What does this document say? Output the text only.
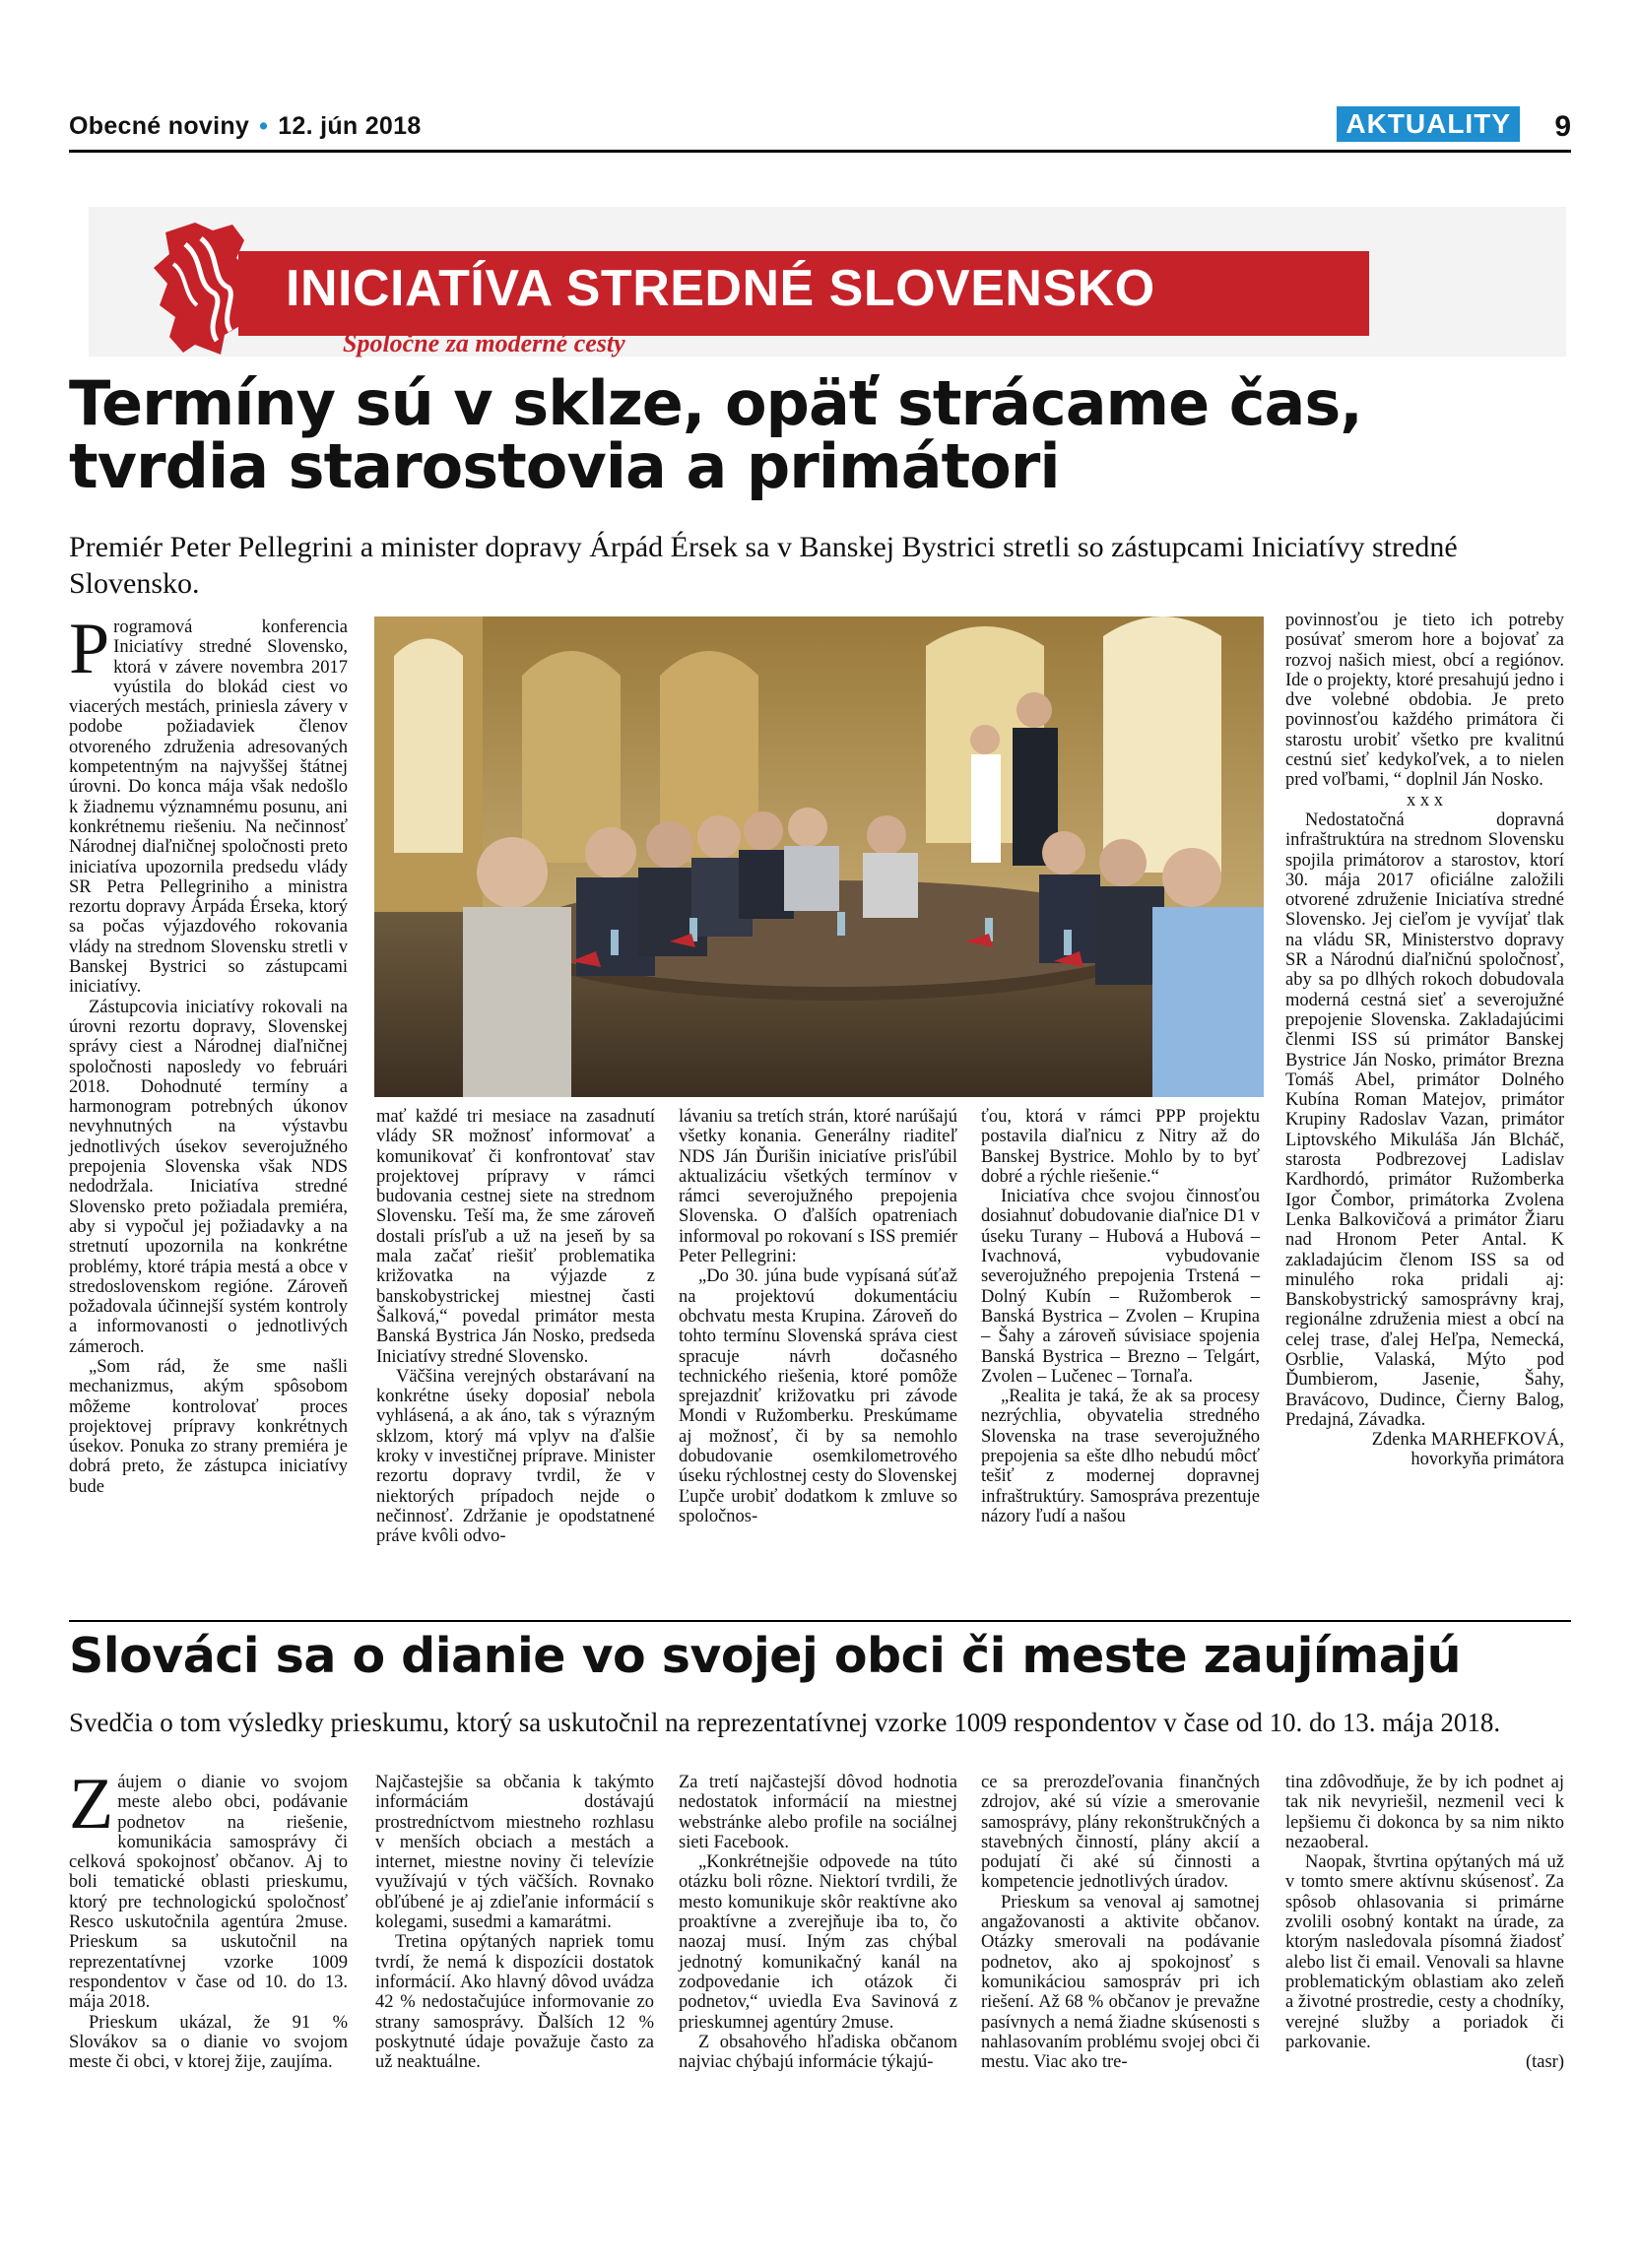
Obecné noviny • 12. jún 2018	AKTUALITY	9
INICIATÍVA STREDNÉ SLOVENSKO
Spoločne za moderné cesty
Termíny sú v sklze, opäť strácame čas,
tvrdia starostovia a primátori
Premiér Peter Pellegrini a minister dopravy Árpád Érsek sa v Banskej Bystrici stretli so zástupcami Iniciatívy stredné Slovensko.

Programová konferencia Iniciatívy stredné Slovensko, ktorá v závere novembra 2017 vyústila do blokád ciest vo viacerých mestách, priniesla závery v podobe požiadaviek členov otvoreného združenia adresovaných kompetentným na najvyššej štátnej úrovni. Do konca mája však nedošlo k žiadnemu významnému posunu, ani konkrétnemu riešeniu. Na nečinnosť Národnej diaľničnej spoločnosti preto iniciatíva upozornila predsedu vlády SR Petra Pellegriniho a ministra rezortu dopravy Árpáda Érseka, ktorý sa počas výjazdového rokovania vlády na strednom Slovensku stretli v Banskej Bystrici so zástupcami iniciatívy.

Zástupcovia iniciatívy rokovali na úrovni rezortu dopravy, Slovenskej správy ciest a Národnej diaľničnej spoločnosti naposledy vo februári 2018. Dohodnuté termíny a harmonogram potrebných úkonov nevyhnutných na výstavbu jednotlivých úsekov severojužného prepojenia Slovenska však NDS nedodržala. Iniciatíva stredné Slovensko preto požiadala premiéra, aby si vypočul jej požiadavky a na stretnutí upozornila na konkrétne problémy, ktoré trápia mestá a obce v stredoslovenskom regióne. Zároveň požadovala účinnejší systém kontroly a informovanosti o jednotlivých zámeroch.

„Som rád, že sme našli mechanizmus, akým spôsobom môžeme kontrolovať proces projektovej prípravy konkrétnych úsekov. Ponuka zo strany premiéra je dobrá preto, že zástupca iniciatívy bude

mať každé tri mesiace na zasadnutí vlády SR možnosť informovať a komunikovať či konfrontovať stav projektovej prípravy v rámci budovania cestnej siete na strednom Slovensku. Teší ma, že sme zároveň dostali prísľub a už na jeseň by sa mala začať riešiť problematika križovatka na výjazde z banskobystrickej miestnej časti Šalková,“ povedal primátor mesta Banská Bystrica Ján Nosko, predseda Iniciatívy stredné Slovensko.

Väčšina verejných obstarávaní na konkrétne úseky doposiaľ nebola vyhlásená, a ak áno, tak s výrazným sklzom, ktorý má vplyv na ďalšie kroky v investičnej príprave. Minister rezortu dopravy tvrdil, že v niektorých prípadoch nejde o nečinnosť. Zdržanie je opodstatnené práve kvôli odvo-

lávaniu sa tretích strán, ktoré narúšajú všetky konania. Generálny riaditeľ NDS Ján Ďurišin iniciatíve prisľúbil aktualizáciu všetkých termínov v rámci severojužného prepojenia Slovenska. O ďalších opatreniach informoval po rokovaní s ISS premiér Peter Pellegrini:

„Do 30. júna bude vypísaná súťaž na projektovú dokumentáciu obchvatu mesta Krupina. Zároveň do tohto termínu Slovenská správa ciest spracuje návrh dočasného technického riešenia, ktoré pomôže sprejazdniť križovatku pri závode Mondi v Ružomberku. Preskúmame aj možnosť, či by sa nemohlo dobudovanie osemkilometrového úseku rýchlostnej cesty do Slovenskej Ľupče urobiť dodatkom k zmluve so spoločnos-

ťou, ktorá v rámci PPP projektu postavila diaľnicu z Nitry až do Banskej Bystrice. Mohlo by to byť dobré a rýchle riešenie.“

Iniciatíva chce svojou činnosťou dosiahnuť dobudovanie diaľnice D1 v úseku Turany – Hubová a Hubová – Ivachnová, vybudovanie severojužného prepojenia Trstená – Dolný Kubín – Ružomberok – Banská Bystrica – Zvolen – Krupina – Šahy a zároveň súvisiace spojenia Banská Bystrica – Brezno – Telgárt, Zvolen – Lučenec – Tornaľa.

„Realita je taká, že ak sa procesy nezrýchlia, obyvatelia stredného Slovenska na trase severojužného prepojenia sa ešte dlho nebudú môcť tešiť z modernej dopravnej infraštruktúry. Samospráva prezentuje názory ľudí a našou

povinnosťou je tieto ich potreby posúvať smerom hore a bojovať za rozvoj našich miest, obcí a regiónov. Ide o projekty, ktoré presahujú jedno i dve volebné obdobia. Je preto povinnosťou každého primátora či starostu urobiť všetko pre kvalitnú cestnú sieť kedykoľvek, a to nielen pred voľbami, “ doplnil Ján Nosko.

x x x

Nedostatočná dopravná infraštruktúra na strednom Slovensku spojila primátorov a starostov, ktorí 30. mája 2017 oficiálne založili otvorené združenie Iniciatíva stredné Slovensko. Jej cieľom je vyvíjať tlak na vládu SR, Ministerstvo dopravy SR a Národnú diaľničnú spoločnosť, aby sa po dlhých rokoch dobudovala moderná cestná sieť a severojužné prepojenie Slovenska. Zakladajúcimi členmi ISS sú primátor Banskej Bystrice Ján Nosko, primátor Brezna Tomáš Abel, primátor Dolného Kubína Roman Matejov, primátor Krupiny Radoslav Vazan, primátor Liptovského Mikuláša Ján Blcháč, starosta Podbrezovej Ladislav Kardhordó, primátor Ružomberka Igor Čombor, primátorka Zvolena Lenka Balkovičová a primátor Žiaru nad Hronom Peter Antal. K zakladajúcim členom ISS sa od minulého roka pridali aj: Banskobystrický samosprávny kraj, regionálne združenia miest a obcí na celej trase, ďalej Heľpa, Nemecká, Osrblie, Valaská, Mýto pod Ďumbierom, Jasenie, Šahy, Bravácovo, Dudince, Čierny Balog, Predajná, Závadka.

Zdenka MARHEFKOVÁ,

hovorkyňa primátora

Slováci sa o dianie vo svojej obci či meste zaujímajú
Svedčia o tom výsledky prieskumu, ktorý sa uskutočnil na reprezentatívnej vzorke 1009 respondentov v čase od 10. do 13. mája 2018.

Záujem o dianie vo svojom meste alebo obci, podávanie podnetov na riešenie, komunikácia samosprávy či celková spokojnosť občanov. Aj to boli tematické oblasti prieskumu, ktorý pre technologickú spoločnosť Resco uskutočnila agentúra 2muse. Prieskum sa uskutočnil na reprezentatívnej vzorke 1009 respondentov v čase od 10. do 13. mája 2018.

Prieskum ukázal, že 91 % Slovákov sa o dianie vo svojom meste či obci, v ktorej žije, zaujíma.

Najčastejšie sa občania k takýmto informáciám dostávajú prostredníctvom miestneho rozhlasu v menších obciach a mestách a internet, miestne noviny či televízie využívajú v tých väčších. Rovnako obľúbené je aj zdieľanie informácií s kolegami, susedmi a kamarátmi.

Tretina opýtaných napriek tomu tvrdí, že nemá k dispozícii dostatok informácií. Ako hlavný dôvod uvádza 42 % nedostačujúce informovanie zo strany samosprávy. Ďalších 12 % poskytnuté údaje považuje často za už neaktuálne.

Za tretí najčastejší dôvod hodnotia nedostatok informácií na miestnej webstránke alebo profile na sociálnej sieti Facebook.

„Konkrétnejšie odpovede na túto otázku boli rôzne. Niektorí tvrdili, že mesto komunikuje skôr reaktívne ako proaktívne a zverejňuje iba to, čo naozaj musí. Iným zas chýbal jednotný komunikačný kanál na zodpovedanie ich otázok či podnetov,“ uviedla Eva Savinová z prieskumnej agentúry 2muse.

Z obsahového hľadiska občanom najviac chýbajú informácie týkajú-

ce sa prerozdeľovania finančných zdrojov, aké sú vízie a smerovanie samosprávy, plány rekonštrukčných a stavebných činností, plány akcií a podujatí či aké sú činnosti a kompetencie jednotlivých úradov.

Prieskum sa venoval aj samotnej angažovanosti a aktivite občanov. Otázky smerovali na podávanie podnetov, ako aj spokojnosť s komunikáciou samospráv pri ich riešení. Až 68 % občanov je prevažne pasívnych a nemá žiadne skúsenosti s nahlasovaním problému svojej obci či mestu. Viac ako tre-

tina zdôvodňuje, že by ich podnet aj tak nik nevyriešil, nezmenil veci k lepšiemu či dokonca by sa nim nikto nezaoberal.

Naopak, štvrtina opýtaných má už v tomto smere aktívnu skúsenosť. Za spôsob ohlasovania si primárne zvolili osobný kontakt na úrade, za ktorým nasledovala písomná žiadosť alebo list či email. Venovali sa hlavne problematickým oblastiam ako zeleň a životné prostredie, cesty a chodníky, verejné služby a poriadok či parkovanie.

(tasr)
